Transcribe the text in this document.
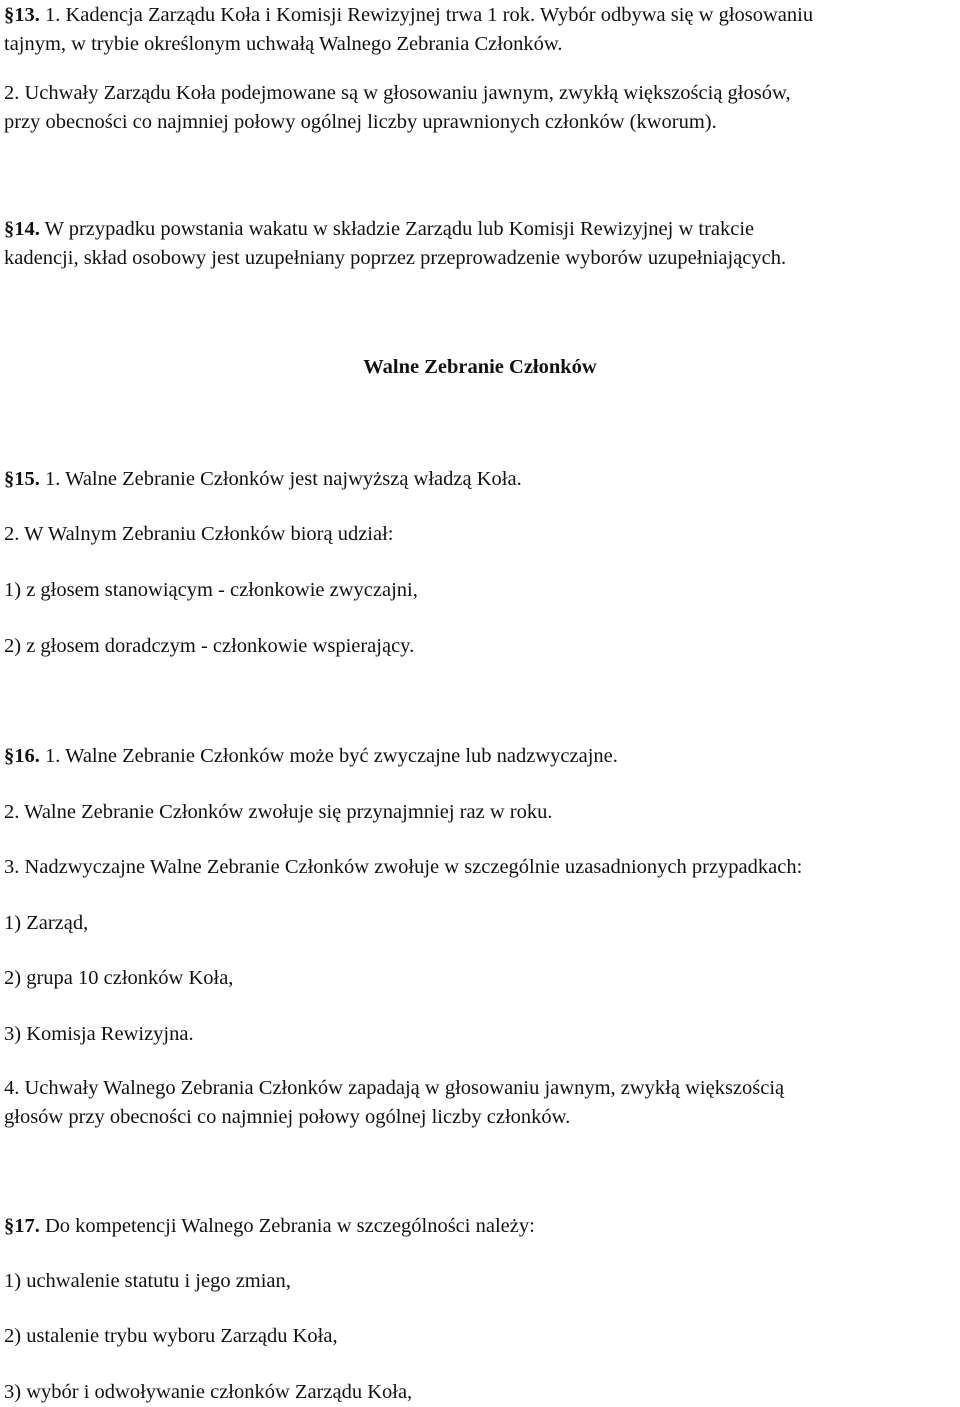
§13. 1. Kadencja Zarządu Koła i Komisji Rewizyjnej trwa 1 rok. Wybór odbywa się w głosowaniu
tajnym, w trybie określonym uchwałą Walnego Zebrania Członków.
2. Uchwały Zarządu Koła podejmowane są w głosowaniu jawnym, zwykłą większością głosów,
przy obecności co najmniej połowy ogólnej liczby uprawnionych członków (kworum).
§14. W przypadku powstania wakatu w składzie Zarządu lub Komisji Rewizyjnej w trakcie
kadencji, skład osobowy jest uzupełniany poprzez przeprowadzenie wyborów uzupełniających.
Walne Zebranie Członków
§15. 1. Walne Zebranie Członków jest najwyższą władzą Koła.
2. W Walnym Zebraniu Członków biorą udział:
1) z głosem stanowiącym - członkowie zwyczajni,
2) z głosem doradczym - członkowie wspierający.
§16. 1. Walne Zebranie Członków może być zwyczajne lub nadzwyczajne.
2. Walne Zebranie Członków zwołuje się przynajmniej raz w roku.
3. Nadzwyczajne Walne Zebranie Członków zwołuje w szczególnie uzasadnionych przypadkach:
1) Zarząd,
2) grupa 10 członków Koła,
3) Komisja Rewizyjna.
4. Uchwały Walnego Zebrania Członków zapadają w głosowaniu jawnym, zwykłą większością
głosów przy obecności co najmniej połowy ogólnej liczby członków.
§17. Do kompetencji Walnego Zebrania w szczególności należy:
1) uchwalenie statutu i jego zmian,
2) ustalenie trybu wyboru Zarządu Koła,
3) wybór i odwoływanie członków Zarządu Koła,
